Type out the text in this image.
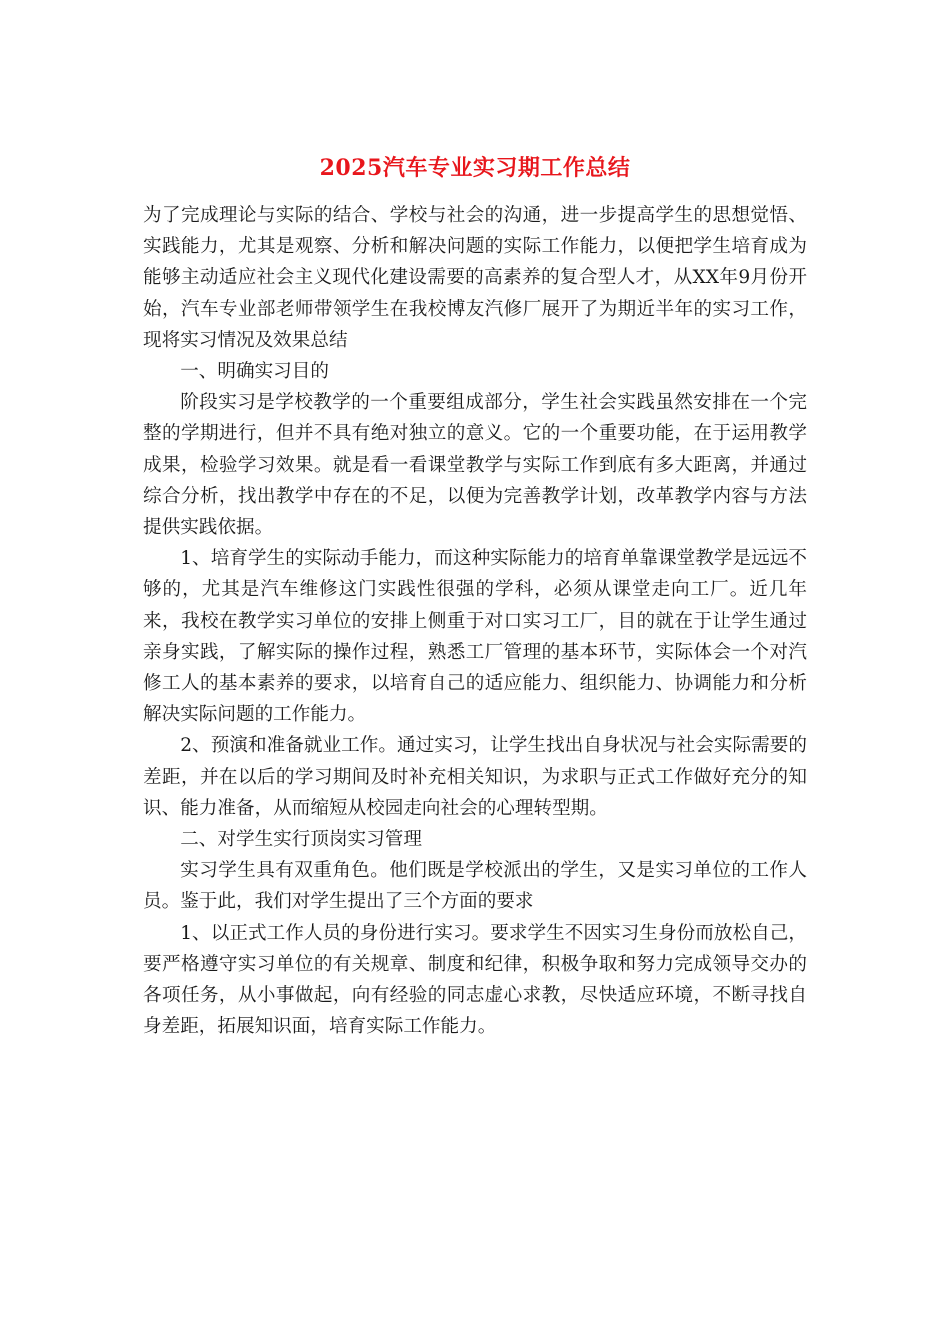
2025汽车专业实习期工作总结

为了完成理论与实际的结合、学校与社会的沟通，进一步提高学生的思想觉悟、实践能力，尤其是观察、分析和解决问题的实际工作能力，以便把学生培育成为能够主动适应社会主义现代化建设需要的高素养的复合型人才，从XX年9月份开始，汽车专业部老师带领学生在我校博友汽修厂展开了为期近半年的实习工作，现将实习情况及效果总结

一、明确实习目的

阶段实习是学校教学的一个重要组成部分，学生社会实践虽然安排在一个完整的学期进行，但并不具有绝对独立的意义。它的一个重要功能，在于运用教学成果，检验学习效果。就是看一看课堂教学与实际工作到底有多大距离，并通过综合分析，找出教学中存在的不足，以便为完善教学计划，改革教学内容与方法提供实践依据。

1、培育学生的实际动手能力，而这种实际能力的培育单靠课堂教学是远远不够的，尤其是汽车维修这门实践性很强的学科，必须从课堂走向工厂。近几年来，我校在教学实习单位的安排上侧重于对口实习工厂，目的就在于让学生通过亲身实践，了解实际的操作过程，熟悉工厂管理的基本环节，实际体会一个对汽修工人的基本素养的要求，以培育自己的适应能力、组织能力、协调能力和分析解决实际问题的工作能力。

2、预演和准备就业工作。通过实习，让学生找出自身状况与社会实际需要的差距，并在以后的学习期间及时补充相关知识，为求职与正式工作做好充分的知识、能力准备，从而缩短从校园走向社会的心理转型期。

二、对学生实行顶岗实习管理

实习学生具有双重角色。他们既是学校派出的学生，又是实习单位的工作人员。鉴于此，我们对学生提出了三个方面的要求

1、以正式工作人员的身份进行实习。要求学生不因实习生身份而放松自己，要严格遵守实习单位的有关规章、制度和纪律，积极争取和努力完成领导交办的各项任务，从小事做起，向有经验的同志虚心求教，尽快适应环境，不断寻找自身差距，拓展知识面，培育实际工作能力。
